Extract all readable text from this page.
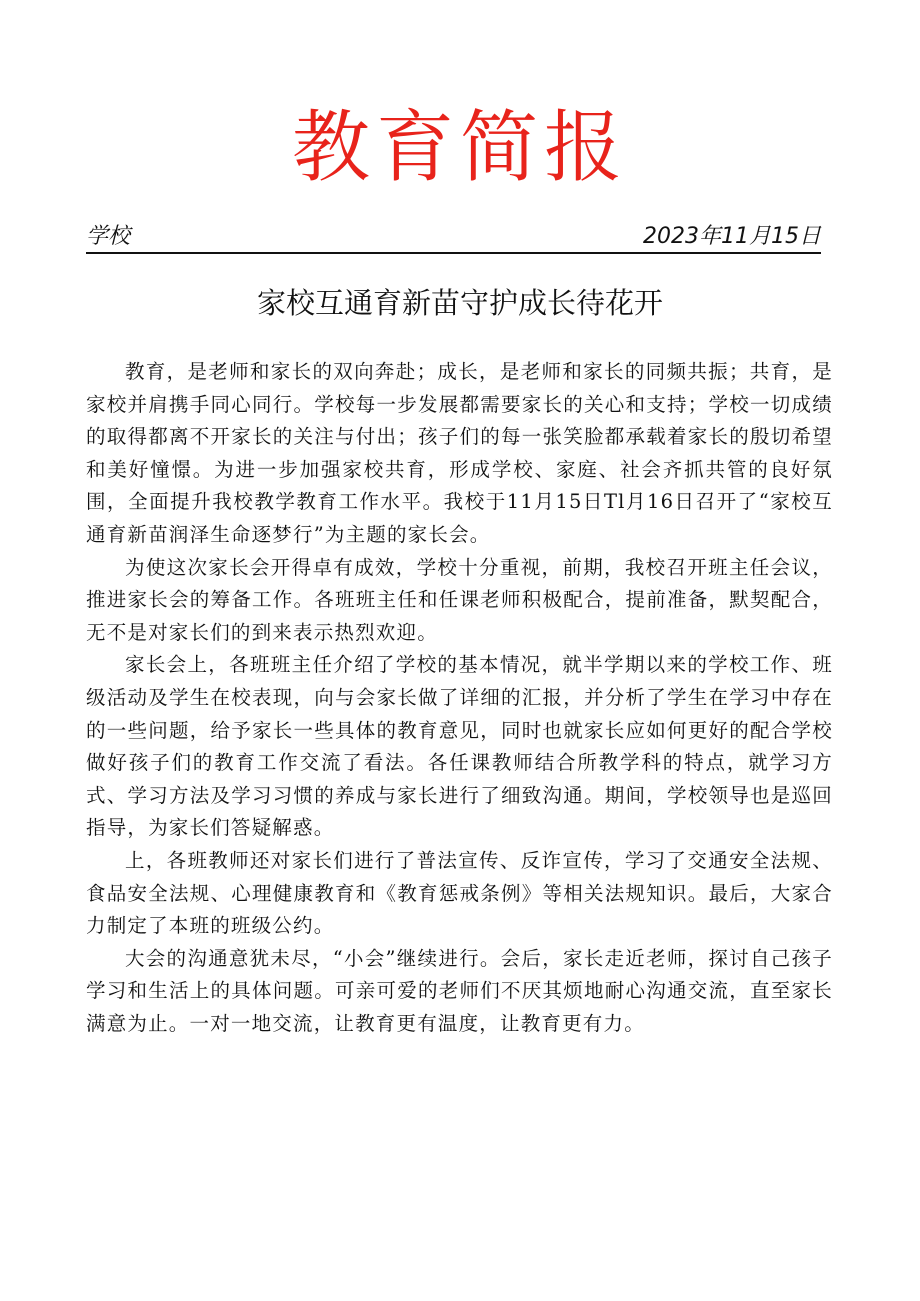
教育简报
学校	2023年11月15日
家校互通育新苗守护成长待花开

教育，是老师和家长的双向奔赴；成长，是老师和家长的同频共振；共育，是家校并肩携手同心同行。学校每一步发展都需要家长的关心和支持；学校一切成绩的取得都离不开家长的关注与付出；孩子们的每一张笑脸都承载着家长的殷切希望和美好憧憬。为进一步加强家校共育，形成学校、家庭、社会齐抓共管的良好氛围，全面提升我校教学教育工作水平。我校于11月15日Tl月16日召开了“家校互通育新苗润泽生命逐梦行”为主题的家长会。

为使这次家长会开得卓有成效，学校十分重视，前期，我校召开班主任会议，推进家长会的筹备工作。各班班主任和任课老师积极配合，提前准备，默契配合，无不是对家长们的到来表示热烈欢迎。

家长会上，各班班主任介绍了学校的基本情况，就半学期以来的学校工作、班级活动及学生在校表现，向与会家长做了详细的汇报，并分析了学生在学习中存在的一些问题，给予家长一些具体的教育意见，同时也就家长应如何更好的配合学校做好孩子们的教育工作交流了看法。各任课教师结合所教学科的特点，就学习方式、学习方法及学习习惯的养成与家长进行了细致沟通。期间，学校领导也是巡回指导，为家长们答疑解惑。

上，各班教师还对家长们进行了普法宣传、反诈宣传，学习了交通安全法规、食品安全法规、心理健康教育和《教育惩戒条例》等相关法规知识。最后，大家合力制定了本班的班级公约。

大会的沟通意犹未尽，“小会”继续进行。会后，家长走近老师，探讨自己孩子学习和生活上的具体问题。可亲可爱的老师们不厌其烦地耐心沟通交流，直至家长满意为止。一对一地交流，让教育更有温度，让教育更有力。
